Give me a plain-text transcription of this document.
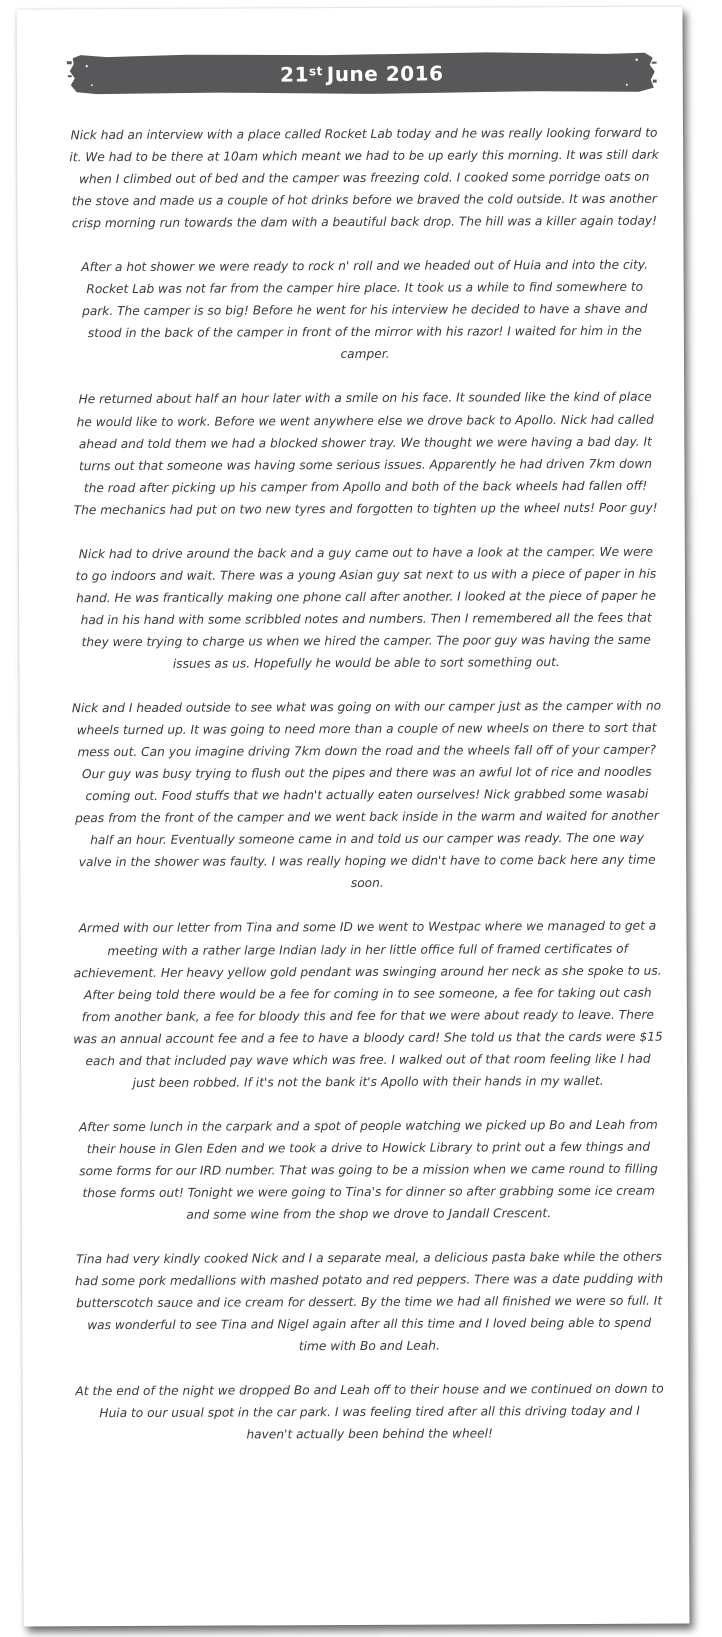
21st June 2016

Nick had an interview with a place called Rocket Lab today and he was really looking forward to it. We had to be there at 10am which meant we had to be up early this morning. It was still dark when I climbed out of bed and the camper was freezing cold. I cooked some porridge oats on the stove and made us a couple of hot drinks before we braved the cold outside. It was another crisp morning run towards the dam with a beautiful back drop. The hill was a killer again today!

After a hot shower we were ready to rock n' roll and we headed out of Huia and into the city. Rocket Lab was not far from the camper hire place. It took us a while to find somewhere to park. The camper is so big! Before he went for his interview he decided to have a shave and stood in the back of the camper in front of the mirror with his razor! I waited for him in the camper.

He returned about half an hour later with a smile on his face. It sounded like the kind of place he would like to work. Before we went anywhere else we drove back to Apollo. Nick had called ahead and told them we had a blocked shower tray. We thought we were having a bad day. It turns out that someone was having some serious issues. Apparently he had driven 7km down the road after picking up his camper from Apollo and both of the back wheels had fallen off! The mechanics had put on two new tyres and forgotten to tighten up the wheel nuts! Poor guy!

Nick had to drive around the back and a guy came out to have a look at the camper. We were to go indoors and wait. There was a young Asian guy sat next to us with a piece of paper in his hand. He was frantically making one phone call after another. I looked at the piece of paper he had in his hand with some scribbled notes and numbers. Then I remembered all the fees that they were trying to charge us when we hired the camper. The poor guy was having the same issues as us. Hopefully he would be able to sort something out.

Nick and I headed outside to see what was going on with our camper just as the camper with no wheels turned up. It was going to need more than a couple of new wheels on there to sort that mess out. Can you imagine driving 7km down the road and the wheels fall off of your camper? Our guy was busy trying to flush out the pipes and there was an awful lot of rice and noodles coming out. Food stuffs that we hadn't actually eaten ourselves! Nick grabbed some wasabi peas from the front of the camper and we went back inside in the warm and waited for another half an hour. Eventually someone came in and told us our camper was ready. The one way valve in the shower was faulty. I was really hoping we didn't have to come back here any time soon.

Armed with our letter from Tina and some ID we went to Westpac where we managed to get a meeting with a rather large Indian lady in her little office full of framed certificates of achievement. Her heavy yellow gold pendant was swinging around her neck as she spoke to us. After being told there would be a fee for coming in to see someone, a fee for taking out cash from another bank, a fee for bloody this and fee for that we were about ready to leave. There was an annual account fee and a fee to have a bloody card! She told us that the cards were $15 each and that included pay wave which was free. I walked out of that room feeling like I had just been robbed. If it's not the bank it's Apollo with their hands in my wallet.

After some lunch in the carpark and a spot of people watching we picked up Bo and Leah from their house in Glen Eden and we took a drive to Howick Library to print out a few things and some forms for our IRD number. That was going to be a mission when we came round to filling those forms out! Tonight we were going to Tina's for dinner so after grabbing some ice cream and some wine from the shop we drove to Jandall Crescent.

Tina had very kindly cooked Nick and I a separate meal, a delicious pasta bake while the others had some pork medallions with mashed potato and red peppers. There was a date pudding with butterscotch sauce and ice cream for dessert. By the time we had all finished we were so full. It was wonderful to see Tina and Nigel again after all this time and I loved being able to spend time with Bo and Leah.

At the end of the night we dropped Bo and Leah off to their house and we continued on down to Huia to our usual spot in the car park. I was feeling tired after all this driving today and I haven't actually been behind the wheel!
